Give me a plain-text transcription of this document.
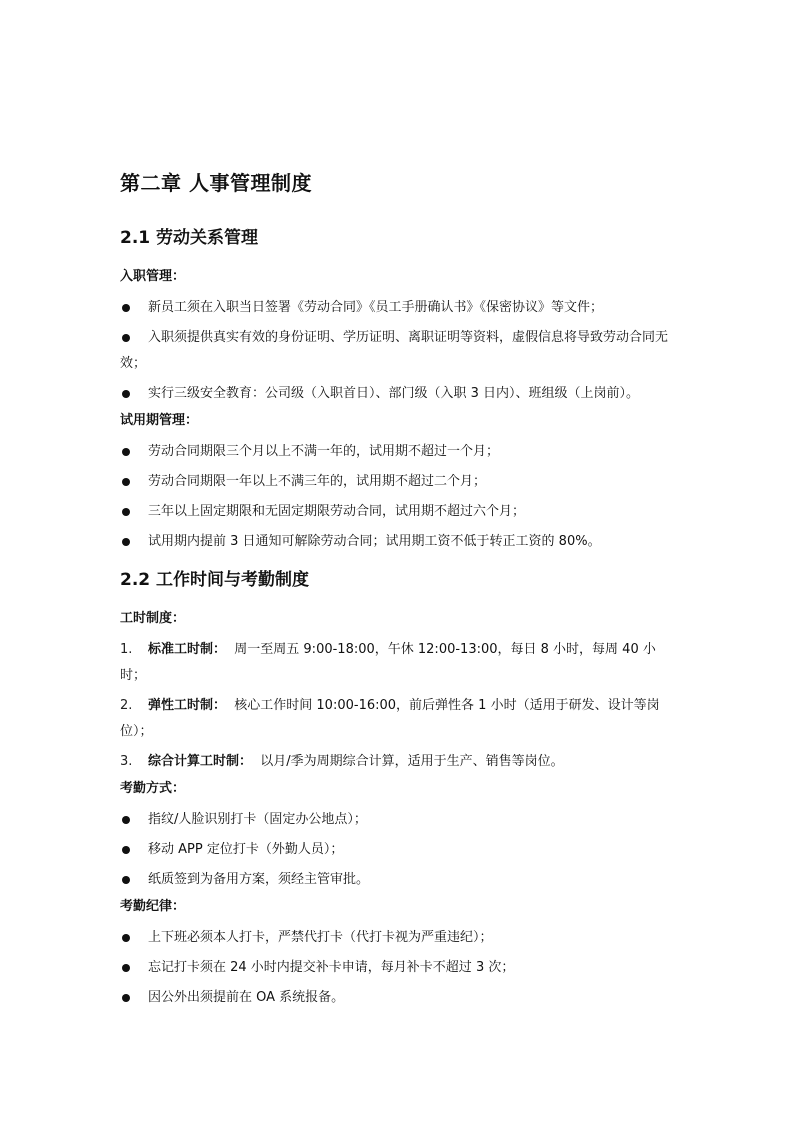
第二章 人事管理制度
2.1 劳动关系管理
入职管理：
新员工须在入职当日签署《劳动合同》《员工手册确认书》《保密协议》等文件；
入职须提供真实有效的身份证明、学历证明、离职证明等资料，虚假信息将导致劳动合同无效；
实行三级安全教育：公司级（入职首日）、部门级（入职 3 日内）、班组级（上岗前）。
试用期管理：
劳动合同期限三个月以上不满一年的，试用期不超过一个月；
劳动合同期限一年以上不满三年的，试用期不超过二个月；
三年以上固定期限和无固定期限劳动合同，试用期不超过六个月；
试用期内提前 3 日通知可解除劳动合同；试用期工资不低于转正工资的 80%。
2.2 工作时间与考勤制度
工时制度：
1. 标准工时制： 周一至周五 9:00-18:00，午休 12:00-13:00，每日 8 小时，每周 40 小时；
2. 弹性工时制： 核心工作时间 10:00-16:00，前后弹性各 1 小时（适用于研发、设计等岗位）；
3. 综合计算工时制： 以月/季为周期综合计算，适用于生产、销售等岗位。
考勤方式：
指纹/人脸识别打卡（固定办公地点）；
移动 APP 定位打卡（外勤人员）；
纸质签到为备用方案，须经主管审批。
考勤纪律：
上下班必须本人打卡，严禁代打卡（代打卡视为严重违纪）；
忘记打卡须在 24 小时内提交补卡申请，每月补卡不超过 3 次；
因公外出须提前在 OA 系统报备。
